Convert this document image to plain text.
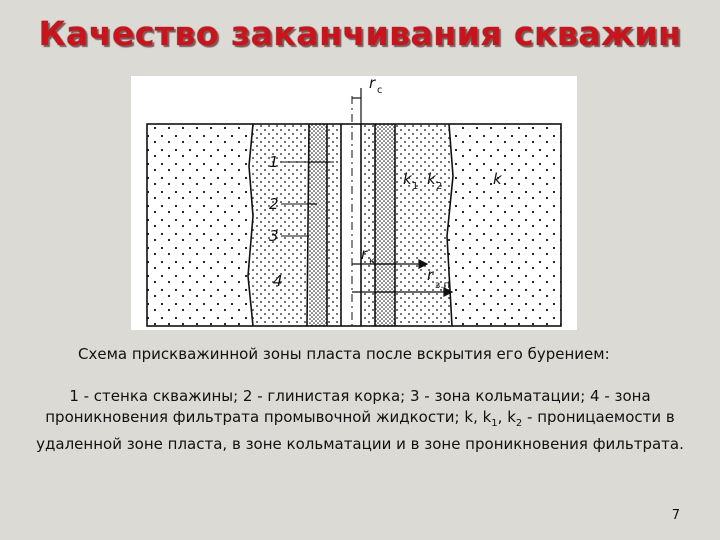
Качество заканчивания скважин
r c
1
2
3
4
k 1 k 2	k
r к
r
з.п
Схема прискважинной зоны пласта после вскрытия его бурением:
1 - стенка скважины; 2 - глинистая корка; 3 - зона кольматации; 4 - зона проникновения фильтрата промывочной жидкости; k, $k_1$, $k_2$ - проницаемости в удаленной зоне пласта, в зоне кольматации и в зоне проникновения фильтрата.
7
